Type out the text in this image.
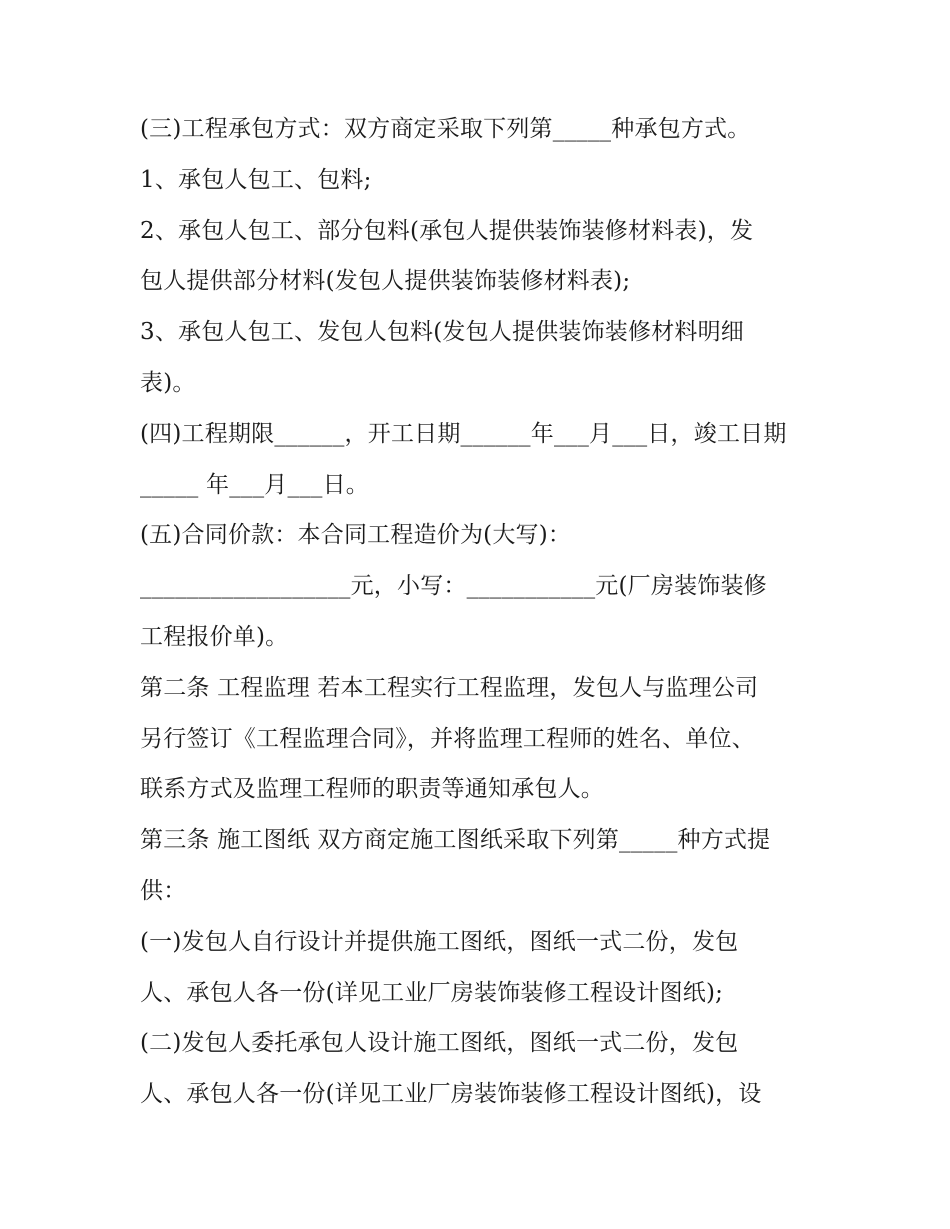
(三)工程承包方式：双方商定采取下列第_____种承包方式。
1、承包人包工、包料;
2、承包人包工、部分包料(承包人提供装饰装修材料表)，发
包人提供部分材料(发包人提供装饰装修材料表);
3、承包人包工、发包人包料(发包人提供装饰装修材料明细
表)。
(四)工程期限______，开工日期______年___月___日，竣工日期
_____ 年___月___日。
(五)合同价款：本合同工程造价为(大写)：
__________________元，小写：___________元(厂房装饰装修
工程报价单)。
第二条 工程监理 若本工程实行工程监理，发包人与监理公司
另行签订《工程监理合同》，并将监理工程师的姓名、单位、
联系方式及监理工程师的职责等通知承包人。
第三条 施工图纸 双方商定施工图纸采取下列第_____种方式提
供：
(一)发包人自行设计并提供施工图纸，图纸一式二份，发包
人、承包人各一份(详见工业厂房装饰装修工程设计图纸);
(二)发包人委托承包人设计施工图纸，图纸一式二份，发包
人、承包人各一份(详见工业厂房装饰装修工程设计图纸)，设
